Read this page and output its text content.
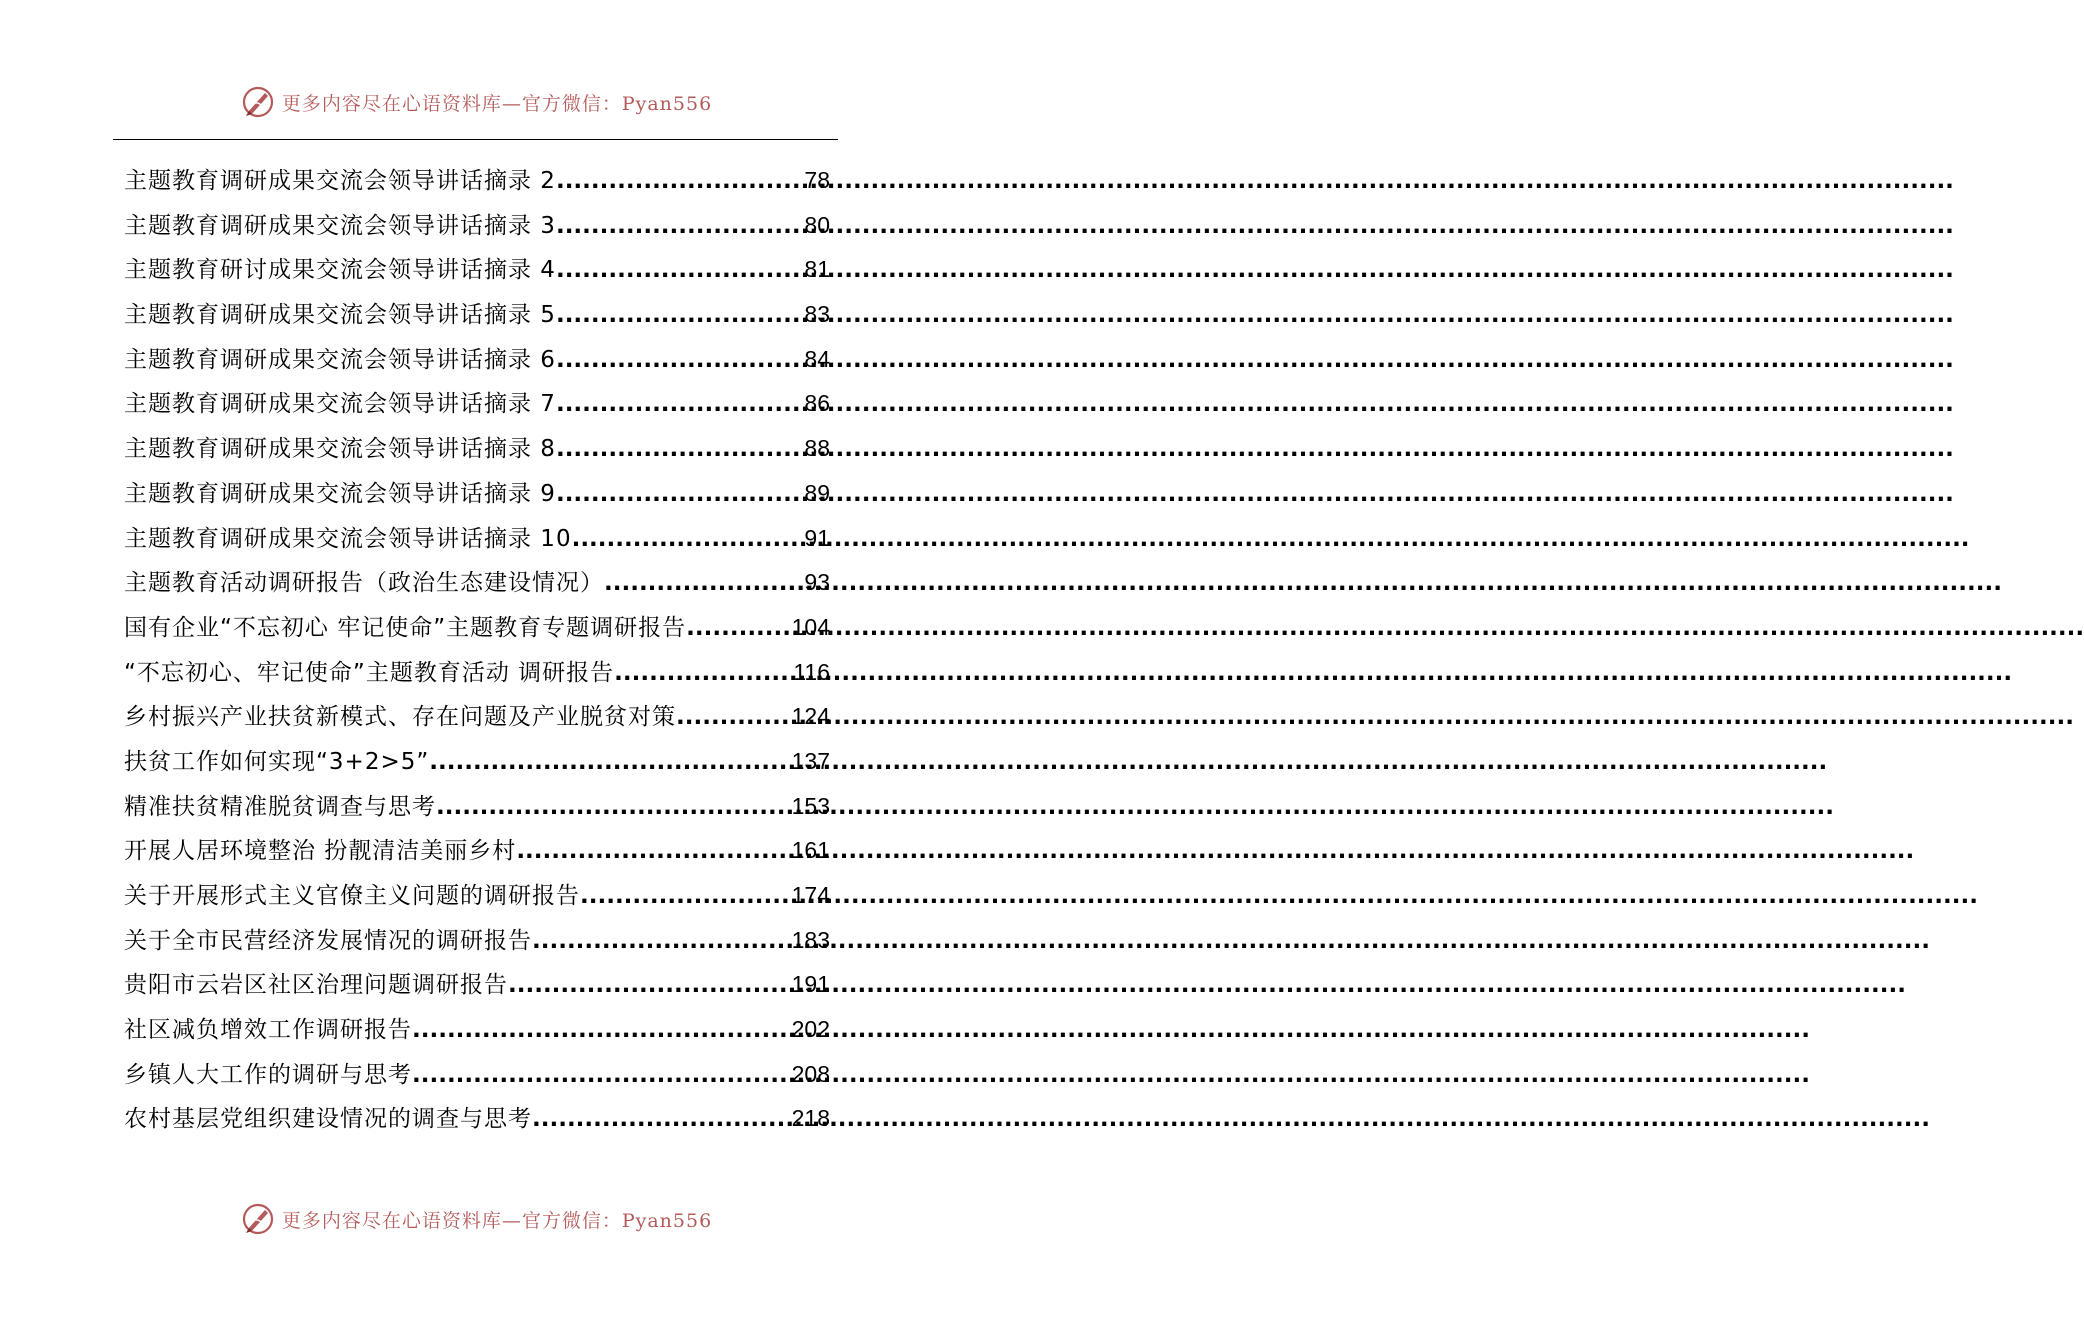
更多内容尽在心语资料库—官方微信：Pyan556
主题教育调研成果交流会领导讲话摘录 2 .....	78
主题教育调研成果交流会领导讲话摘录 3 .....	80
主题教育研讨成果交流会领导讲话摘录 4 .....	81
主题教育调研成果交流会领导讲话摘录 5 .....	83
主题教育调研成果交流会领导讲话摘录 6 .....	84
主题教育调研成果交流会领导讲话摘录 7 .....	86
主题教育调研成果交流会领导讲话摘录 8 .....	88
主题教育调研成果交流会领导讲话摘录 9 .....	89
主题教育调研成果交流会领导讲话摘录 10 .....	91
主题教育活动调研报告（政治生态建设情况） .....	93
国有企业“不忘初心 牢记使命”主题教育专题调研报告 .....	104
“不忘初心、牢记使命”主题教育活动 调研报告 .....	116
乡村振兴产业扶贫新模式、存在问题及产业脱贫对策 .....	124
扶贫工作如何实现“3+2>5” .....	137
精准扶贫精准脱贫调查与思考 .....	153
开展人居环境整治 扮靓清洁美丽乡村 .....	161
关于开展形式主义官僚主义问题的调研报告 .....	174
关于全市民营经济发展情况的调研报告 .....	183
贵阳市云岩区社区治理问题调研报告 .....	191
社区减负增效工作调研报告 .....	202
乡镇人大工作的调研与思考 .....	208
农村基层党组织建设情况的调查与思考 .....	218
更多内容尽在心语资料库—官方微信：Pyan556
